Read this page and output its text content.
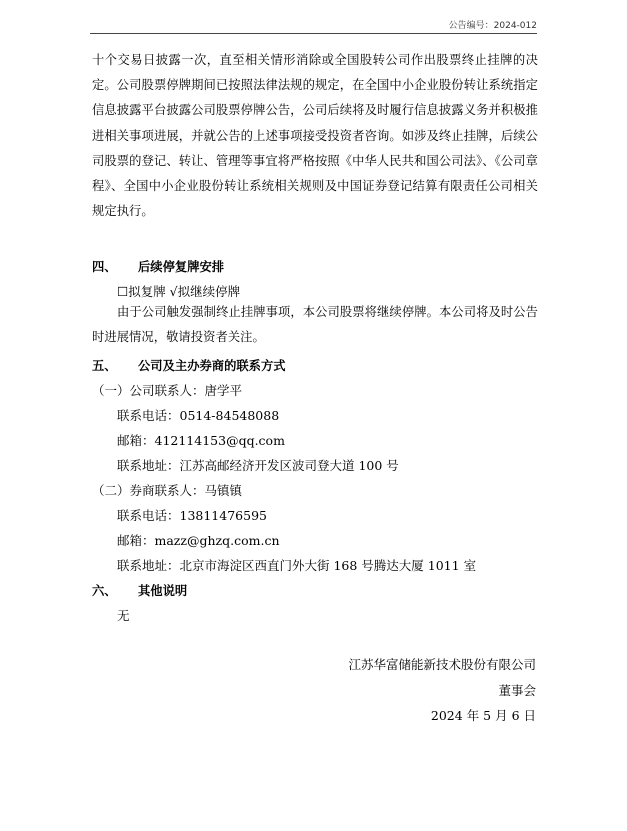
公告编号：2024-012
十个交易日披露一次，直至相关情形消除或全国股转公司作出股票终止挂牌的决定。公司股票停牌期间已按照法律法规的规定，在全国中小企业股份转让系统指定信息披露平台披露公司股票停牌公告，公司后续将及时履行信息披露义务并积极推进相关事项进展，并就公告的上述事项接受投资者咨询。如涉及终止挂牌，后续公司股票的登记、转让、管理等事宜将严格按照《中华人民共和国公司法》、《公司章程》、全国中小企业股份转让系统相关规则及中国证券登记结算有限责任公司相关规定执行。
四、 后续停复牌安排
☐拟复牌 √拟继续停牌
由于公司触发强制终止挂牌事项，本公司股票将继续停牌。本公司将及时公告时进展情况，敬请投资者关注。
五、 公司及主办券商的联系方式
（一）公司联系人：唐学平
联系电话：0514-84548088
邮箱：412114153@qq.com
联系地址：江苏高邮经济开发区波司登大道 100 号
（二）券商联系人：马镇镇
联系电话：13811476595
邮箱：mazz@ghzq.com.cn
联系地址：北京市海淀区西直门外大街 168 号腾达大厦 1011 室
六、 其他说明
无
江苏华富储能新技术股份有限公司
董事会
2024 年 5 月 6 日
